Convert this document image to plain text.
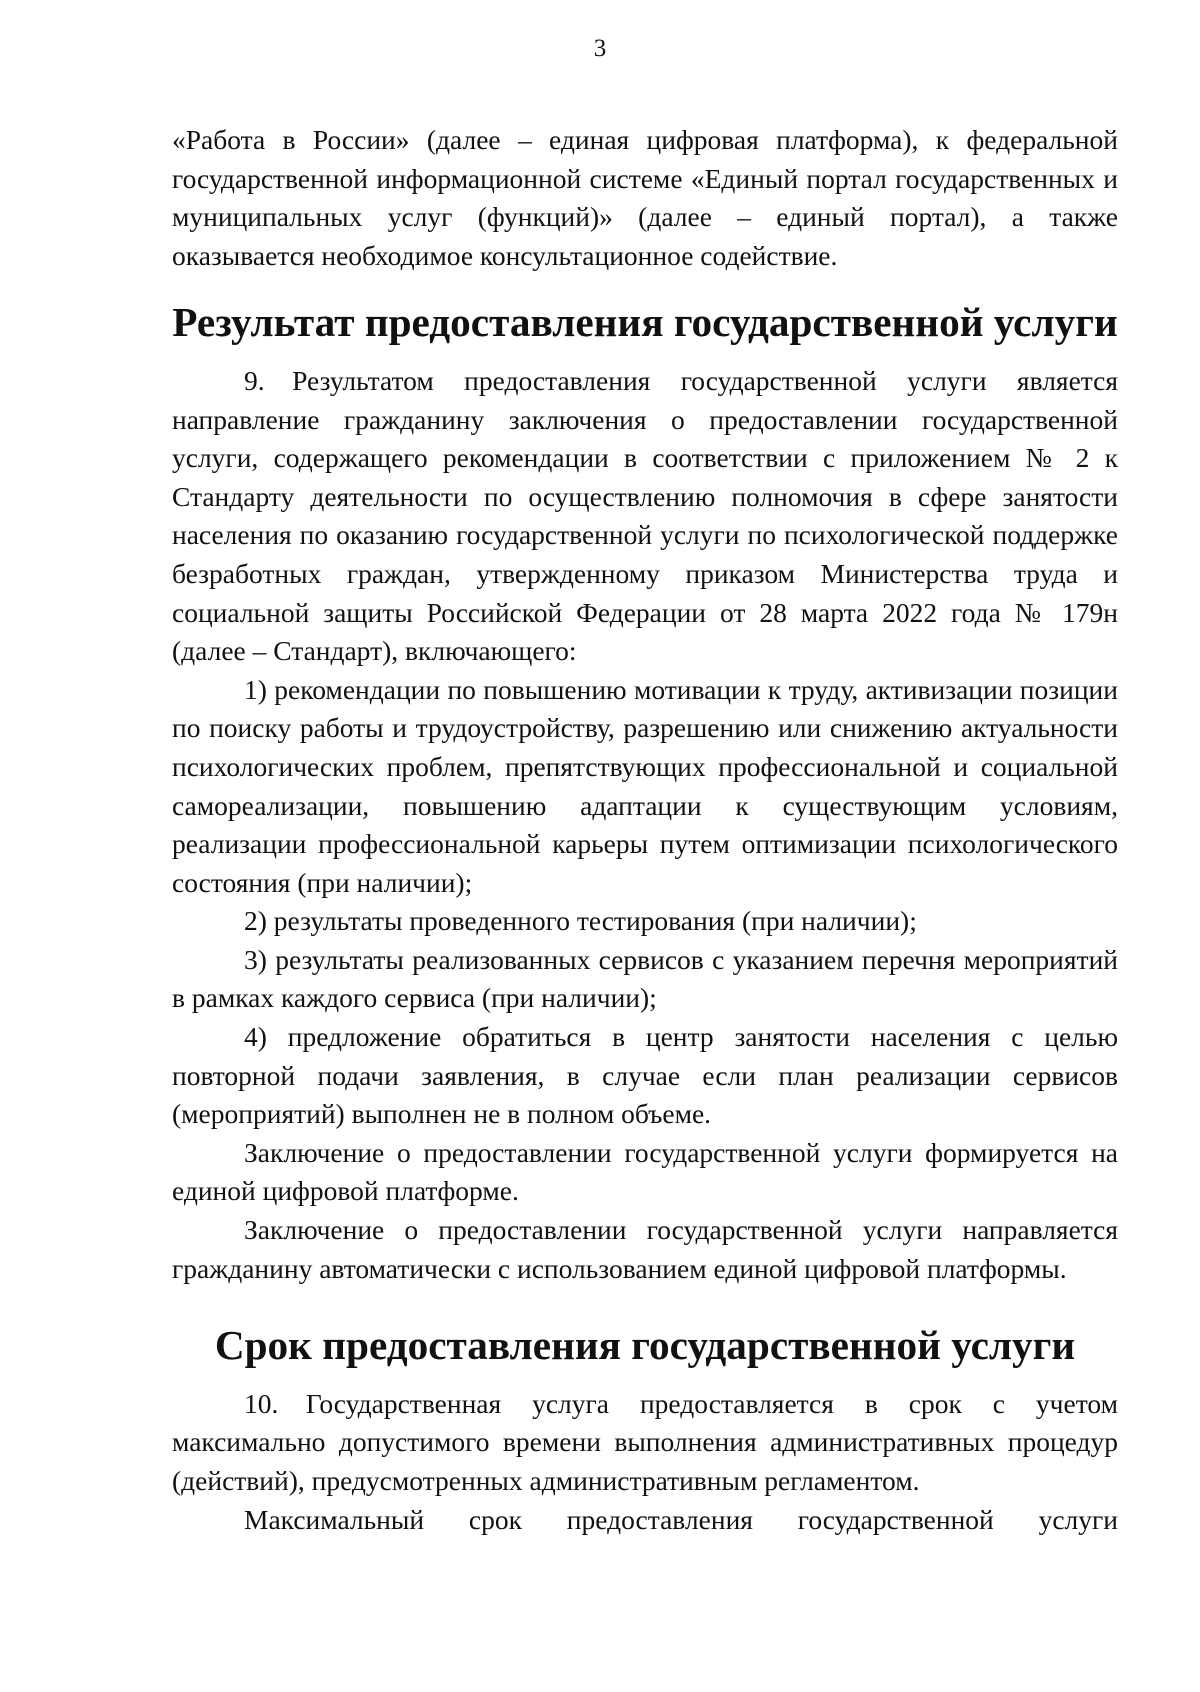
3

«Работа в России» (далее – единая цифровая платформа), к федеральной государственной информационной системе «Единый портал государственных и муниципальных услуг (функций)» (далее – единый портал), а также оказывается необходимое консультационное содействие.

Результат предоставления государственной услуги

9. Результатом предоставления государственной услуги является направление гражданину заключения о предоставлении государственной услуги, содержащего рекомендации в соответствии с приложением № 2 к Стандарту деятельности по осуществлению полномочия в сфере занятости населения по оказанию государственной услуги по психологической поддержке безработных граждан, утвержденному приказом Министерства труда и социальной защиты Российской Федерации от 28 марта 2022 года № 179н (далее – Стандарт), включающего:

1) рекомендации по повышению мотивации к труду, активизации позиции по поиску работы и трудоустройству, разрешению или снижению актуальности психологических проблем, препятствующих профессиональной и социальной самореализации, повышению адаптации к существующим условиям, реализации профессиональной карьеры путем оптимизации психологического состояния (при наличии);

2) результаты проведенного тестирования (при наличии);

3) результаты реализованных сервисов с указанием перечня мероприятий в рамках каждого сервиса (при наличии);

4) предложение обратиться в центр занятости населения с целью повторной подачи заявления, в случае если план реализации сервисов (мероприятий) выполнен не в полном объеме.

Заключение о предоставлении государственной услуги формируется на единой цифровой платформе.

Заключение о предоставлении государственной услуги направляется гражданину автоматически с использованием единой цифровой платформы.

Срок предоставления государственной услуги

10. Государственная услуга предоставляется в срок с учетом максимально допустимого времени выполнения административных процедур (действий), предусмотренных административным регламентом.

Максимальный срок предоставления государственной услуги
